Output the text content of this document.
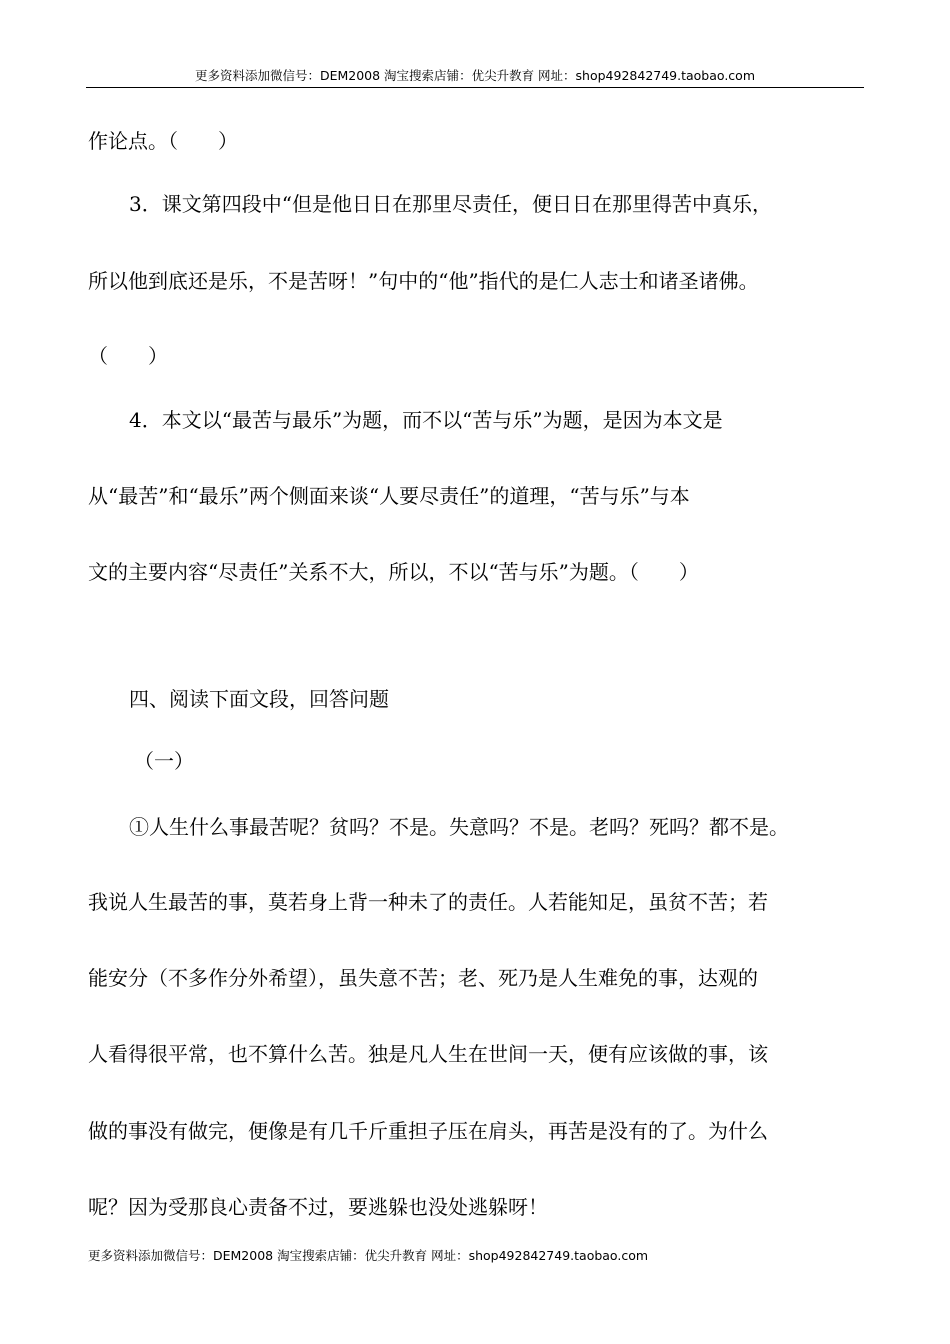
更多资料添加微信号：DEM2008 淘宝搜索店铺：优尖升教育 网址：shop492842749.taobao.com
作论点。（　　）
3．课文第四段中“但是他日日在那里尽责任，便日日在那里得苦中真乐，
所以他到底还是乐，不是苦呀！”句中的“他”指代的是仁人志士和诸圣诸佛。
（　　）
4．本文以“最苦与最乐”为题，而不以“苦与乐”为题，是因为本文是
从“最苦”和“最乐”两个侧面来谈“人要尽责任”的道理，“苦与乐”与本
文的主要内容“尽责任”关系不大，所以，不以“苦与乐”为题。（　　）
四、阅读下面文段，回答问题
（一）
①人生什么事最苦呢？贫吗？不是。失意吗？不是。老吗？死吗？都不是。
我说人生最苦的事，莫若身上背一种未了的责任。人若能知足，虽贫不苦；若
能安分（不多作分外希望），虽失意不苦；老、死乃是人生难免的事，达观的
人看得很平常，也不算什么苦。独是凡人生在世间一天，便有应该做的事，该
做的事没有做完，便像是有几千斤重担子压在肩头，再苦是没有的了。为什么
呢？因为受那良心责备不过，要逃躲也没处逃躲呀！
更多资料添加微信号：DEM2008 淘宝搜索店铺：优尖升教育 网址：shop492842749.taobao.com
